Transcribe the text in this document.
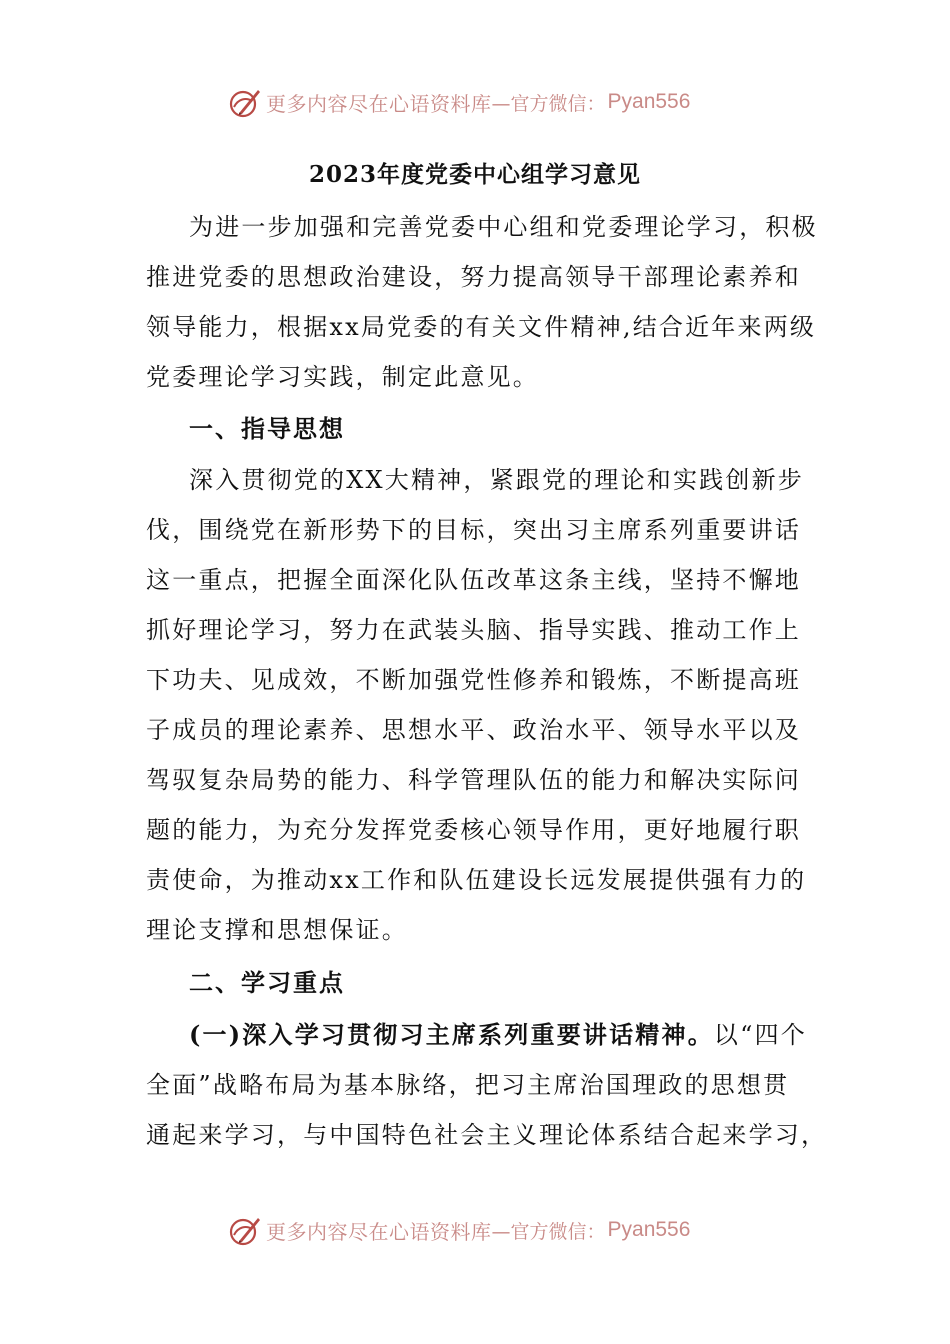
更多内容尽在心语资料库 —官方微信： Pyan556
2023年度党委中心组学习意见
为进一步加强和完善党委中心组和党委理论学习，积极
推进党委的思想政治建设，努力提高领导干部理论素养和
领导能力，根据xx局党委的有关文件精神,结合近年来两级
党委理论学习实践，制定此意见。
一、指导思想
深入贯彻党的XX大精神，紧跟党的理论和实践创新步
伐，围绕党在新形势下的目标，突出习主席系列重要讲话
这一重点，把握全面深化队伍改革这条主线，坚持不懈地
抓好理论学习，努力在武装头脑、指导实践、推动工作上
下功夫、见成效，不断加强党性修养和锻炼，不断提高班
子成员的理论素养、思想水平、政治水平、领导水平以及
驾驭复杂局势的能力、科学管理队伍的能力和解决实际问
题的能力，为充分发挥党委核心领导作用，更好地履行职
责使命，为推动xx工作和队伍建设长远发展提供强有力的
理论支撑和思想保证。
二、学习重点
(一)深入学习贯彻习主席系列重要讲话精神。以“四个
全面”战略布局为基本脉络，把习主席治国理政的思想贯
通起来学习，与中国特色社会主义理论体系结合起来学习，
更多内容尽在心语资料库 —官方微信： Pyan556
